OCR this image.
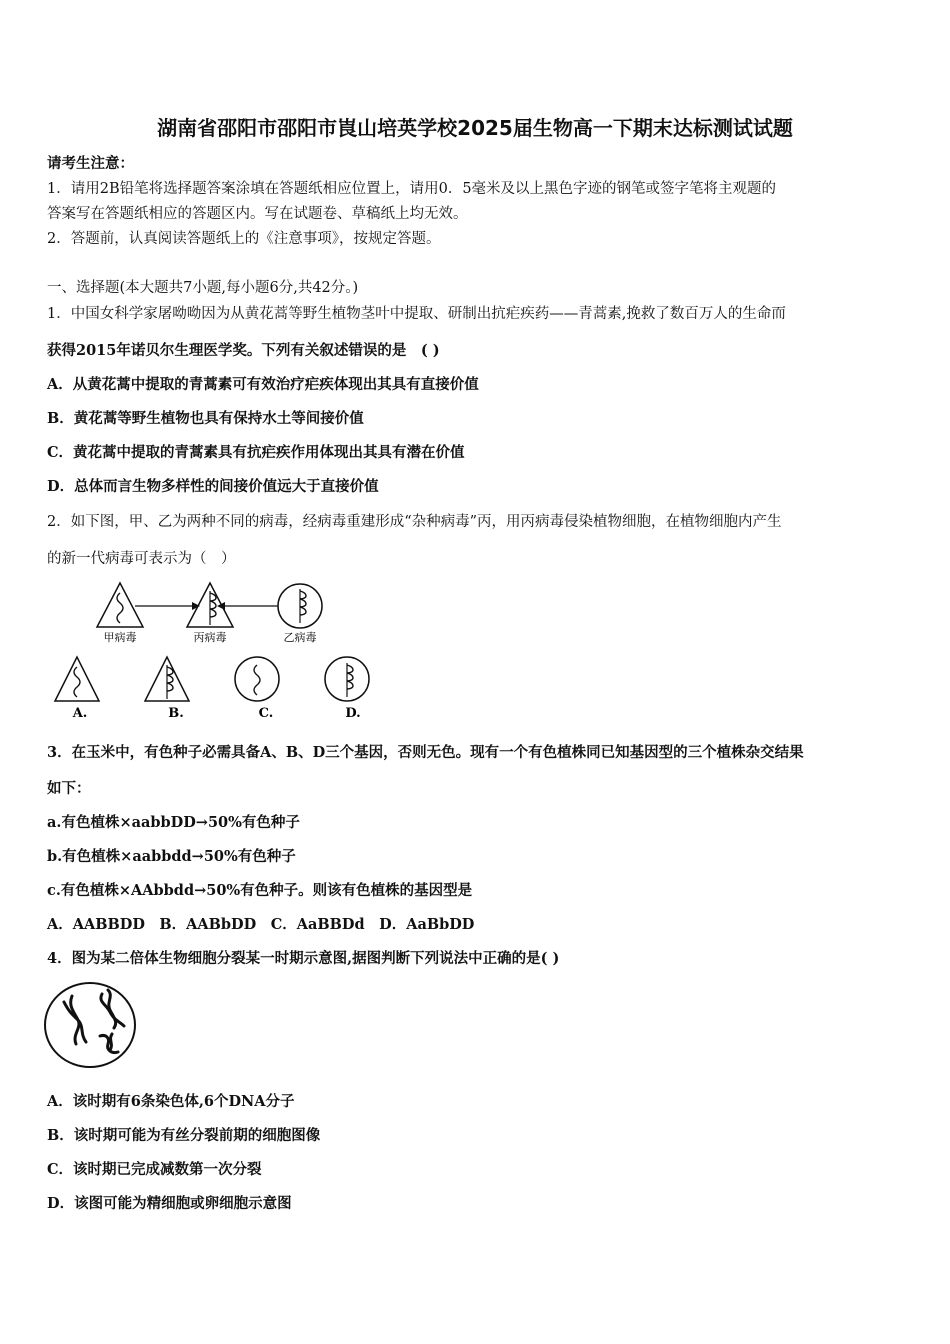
湖南省邵阳市邵阳市崀山培英学校2025届生物高一下期末达标测试试题
请考生注意：
1．请用2B铅笔将选择题答案涂填在答题纸相应位置上，请用0．5毫米及以上黑色字迹的钢笔或签字笔将主观题的
答案写在答题纸相应的答题区内。写在试题卷、草稿纸上均无效。
2．答题前，认真阅读答题纸上的《注意事项》，按规定答题。
一、选择题(本大题共7小题,每小题6分,共42分。)
1．中国女科学家屠呦呦因为从黄花蒿等野生植物茎叶中提取、研制出抗疟疾药——青蒿素,挽救了数百万人的生命而
获得2015年诺贝尔生理医学奖。下列有关叙述错误的是　( )
A．从黄花蒿中提取的青蒿素可有效治疗疟疾体现出其具有直接价值
B．黄花蒿等野生植物也具有保持水土等间接价值
C．黄花蒿中提取的青蒿素具有抗疟疾作用体现出其具有潜在价值
D．总体而言生物多样性的间接价值远大于直接价值
2．如下图，甲、乙为两种不同的病毒，经病毒重建形成“杂种病毒”丙，用丙病毒侵染植物细胞，在植物细胞内产生
的新一代病毒可表示为（　）
甲病毒	丙病毒	乙病毒
A.	B.	C.	D.
3．在玉米中，有色种子必需具备A、B、D三个基因，否则无色。现有一个有色植株同已知基因型的三个植株杂交结果
如下：
a.有色植株×aabbDD→50%有色种子
b.有色植株×aabbdd→50%有色种子
c.有色植株×AAbbdd→50%有色种子。则该有色植株的基因型是
A．AABBDD　B．AABbDD　C．AaBBDd　D．AaBbDD
4．图为某二倍体生物细胞分裂某一时期示意图,据图判断下列说法中正确的是( )
A．该时期有6条染色体,6个DNA分子
B．该时期可能为有丝分裂前期的细胞图像
C．该时期已完成减数第一次分裂
D．该图可能为精细胞或卵细胞示意图
